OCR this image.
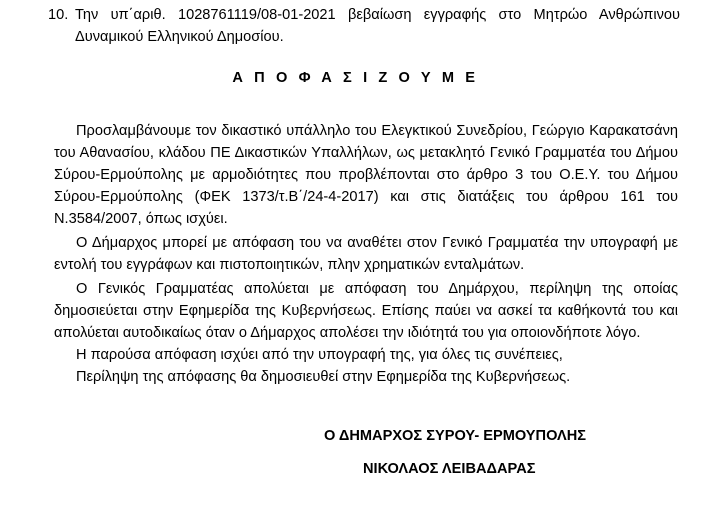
10. Την υπ΄αριθ. 1028761119/08-01-2021 βεβαίωση εγγραφής στο Μητρώο Ανθρώπινου Δυναμικού Ελληνικού Δημοσίου.
Α Π Ο Φ Α Σ Ι Ζ Ο Υ Μ Ε

Προσλαμβάνουμε τον δικαστικό υπάλληλο του Ελεγκτικού Συνεδρίου, Γεώργιο Καρακατσάνη του Αθανασίου, κλάδου ΠΕ Δικαστικών Υπαλλήλων, ως μετακλητό Γενικό Γραμματέα του Δήμου Σύρου-Ερμούπολης με αρμοδιότητες που προβλέπονται στο άρθρο 3 του Ο.Ε.Υ. του Δήμου Σύρου-Ερμούπολης (ΦΕΚ 1373/τ.Β΄/24-4-2017) και στις διατάξεις του άρθρου 161 του Ν.3584/2007, όπως ισχύει.

Ο Δήμαρχος μπορεί με απόφαση του να αναθέτει στον Γενικό Γραμματέα την υπογραφή με εντολή του εγγράφων και πιστοποιητικών, πλην χρηματικών ενταλμάτων.

Ο Γενικός Γραμματέας απολύεται με απόφαση του Δημάρχου, περίληψη της οποίας δημοσιεύεται στην Εφημερίδα της Κυβερνήσεως. Επίσης παύει να ασκεί τα καθήκοντά του και απολύεται αυτοδικαίως όταν ο Δήμαρχος απολέσει την ιδιότητά του για οποιονδήποτε λόγο.

Η παρούσα απόφαση ισχύει από την υπογραφή της, για όλες τις συνέπειες,

Περίληψη της απόφασης θα δημοσιευθεί στην Εφημερίδα της Κυβερνήσεως.

Ο ΔΗΜΑΡΧΟΣ ΣΥΡΟΥ- ΕΡΜΟΥΠΟΛΗΣ
ΝΙΚΟΛΑΟΣ ΛΕΙΒΑΔΑΡΑΣ
